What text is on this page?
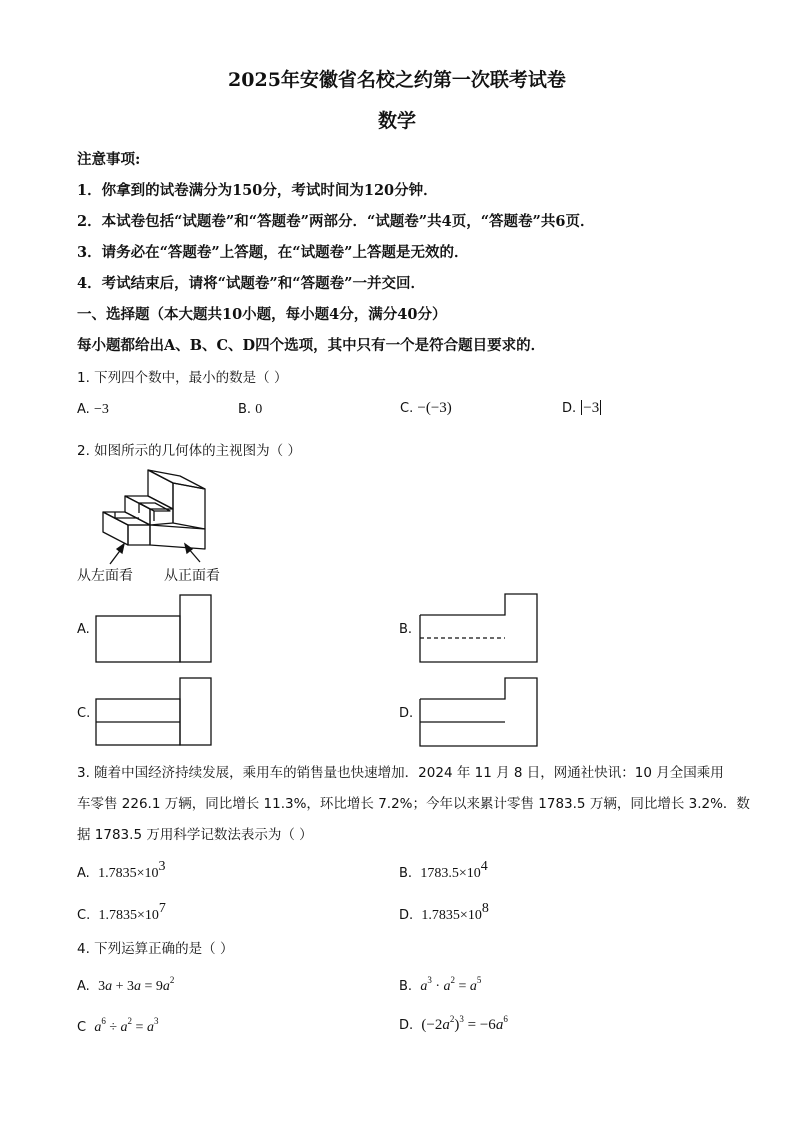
2025年安徽省名校之约第一次联考试卷
数学
注意事项:
1．你拿到的试卷满分为150分，考试时间为120分钟．
2．本试卷包括“试题卷”和“答题卷”两部分．“试题卷”共4页，“答题卷”共6页．
3．请务必在“答题卷”上答题，在“试题卷”上答题是无效的．
4．考试结束后，请将“试题卷”和“答题卷”一并交回．
一、选择题（本大题共10小题，每小题4分，满分40分）
每小题都给出A、B、C、D四个选项，其中只有一个是符合题目要求的．
1. 下列四个数中，最小的数是（ ）
A. −3	B. 0	C. −(−3)	D. −3
2. 如图所示的几何体的主视图为（ ）
从左面看 从正面看
A.	B.
C.	D.
3. 随着中国经济持续发展，乘用车的销售量也快速增加．2024 年 11 月 8 日，网通社快讯：10 月全国乘用
车零售 226.1 万辆，同比增长 11.3%，环比增长 7.2%；今年以来累计零售 1783.5 万辆，同比增长 3.2%．数
据 1783.5 万用科学记数法表示为（ ）
A. $1.7835\times 10^3$	B. $1783.5\times 10^4$
C. $1.7835\times 10^7$	D. $1.7835\times 10^8$
4. 下列运算正确的是（ ）
A. $3a + 3a = 9a^2$	B. $a^3 \cdot a^2 = a^5$
C $a^6 \div a^2 = a^3$	D. $(-2a^2)^3 = -6a^6$
